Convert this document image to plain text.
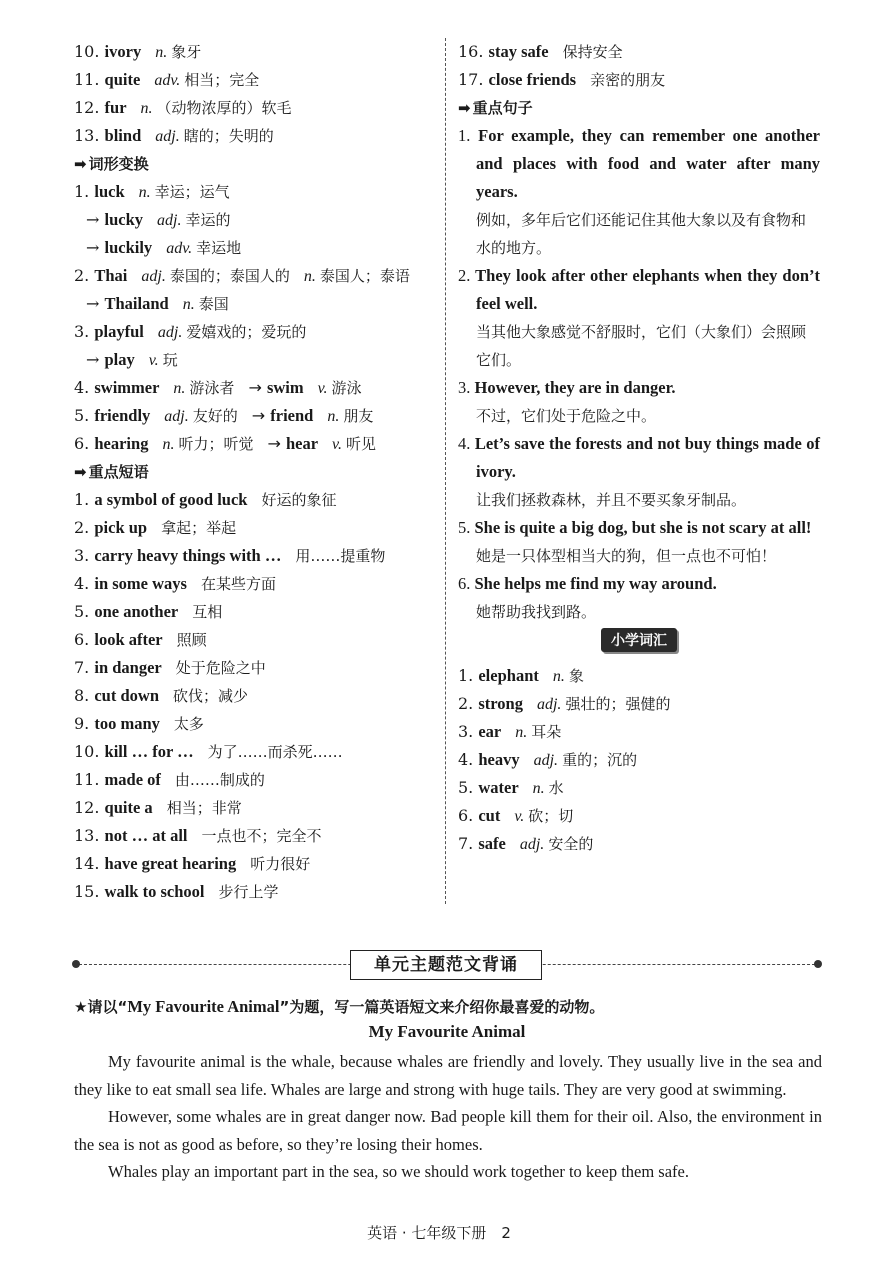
10. ivory n. 象牙
11. quite adv. 相当；完全
12. fur n. （动物浓厚的）软毛
13. blind adj. 瞎的；失明的
➡ 词形变换
1. luck n. 幸运；运气
→ lucky adj. 幸运的
→ luckily adv. 幸运地
2. Thai adj. 泰国的；泰国人的 n. 泰国人；泰语
→ Thailand n. 泰国
3. playful adj. 爱嬉戏的；爱玩的
→ play v. 玩
4. swimmer n. 游泳者 → swim v. 游泳
5. friendly adj. 友好的 → friend n. 朋友
6. hearing n. 听力；听觉 → hear v. 听见
➡ 重点短语
1. a symbol of good luck 好运的象征
2. pick up 拿起；举起
3. carry heavy things with … 用……提重物
4. in some ways 在某些方面
5. one another 互相
6. look after 照顾
7. in danger 处于危险之中
8. cut down 砍伐；减少
9. too many 太多
10. kill … for … 为了……而杀死……
11. made of 由……制成的
12. quite a 相当；非常
13. not … at all 一点也不；完全不
14. have great hearing 听力很好
15. walk to school 步行上学
16. stay safe 保持安全
17. close friends 亲密的朋友
➡ 重点句子
1. For example, they can remember one another and places with food and water after many years.
例如，多年后它们还能记住其他大象以及有食物和水的地方。
2. They look after other elephants when they don’t feel well.
当其他大象感觉不舒服时，它们（大象们）会照顾它们。
3. However, they are in danger.
不过，它们处于危险之中。
4. Let’s save the forests and not buy things made of ivory.
让我们拯救森林，并且不要买象牙制品。
5. She is quite a big dog, but she is not scary at all!
她是一只体型相当大的狗，但一点也不可怕！
6. She helps me find my way around.
她帮助我找到路。
小学词汇
1. elephant n. 象
2. strong adj. 强壮的；强健的
3. ear n. 耳朵
4. heavy adj. 重的；沉的
5. water n. 水
6. cut v. 砍；切
7. safe adj. 安全的
单元主题范文背诵
★请以“My Favourite Animal”为题，写一篇英语短文来介绍你最喜爱的动物。
My Favourite Animal

My favourite animal is the whale, because whales are friendly and lovely. They usually live in the sea and they like to eat small sea life. Whales are large and strong with huge tails. They are very good at swimming.

However, some whales are in great danger now. Bad people kill them for their oil. Also, the environment in the sea is not as good as before, so they’re losing their homes.

Whales play an important part in the sea, so we should work together to keep them safe.

英语 · 七年级下册　2
